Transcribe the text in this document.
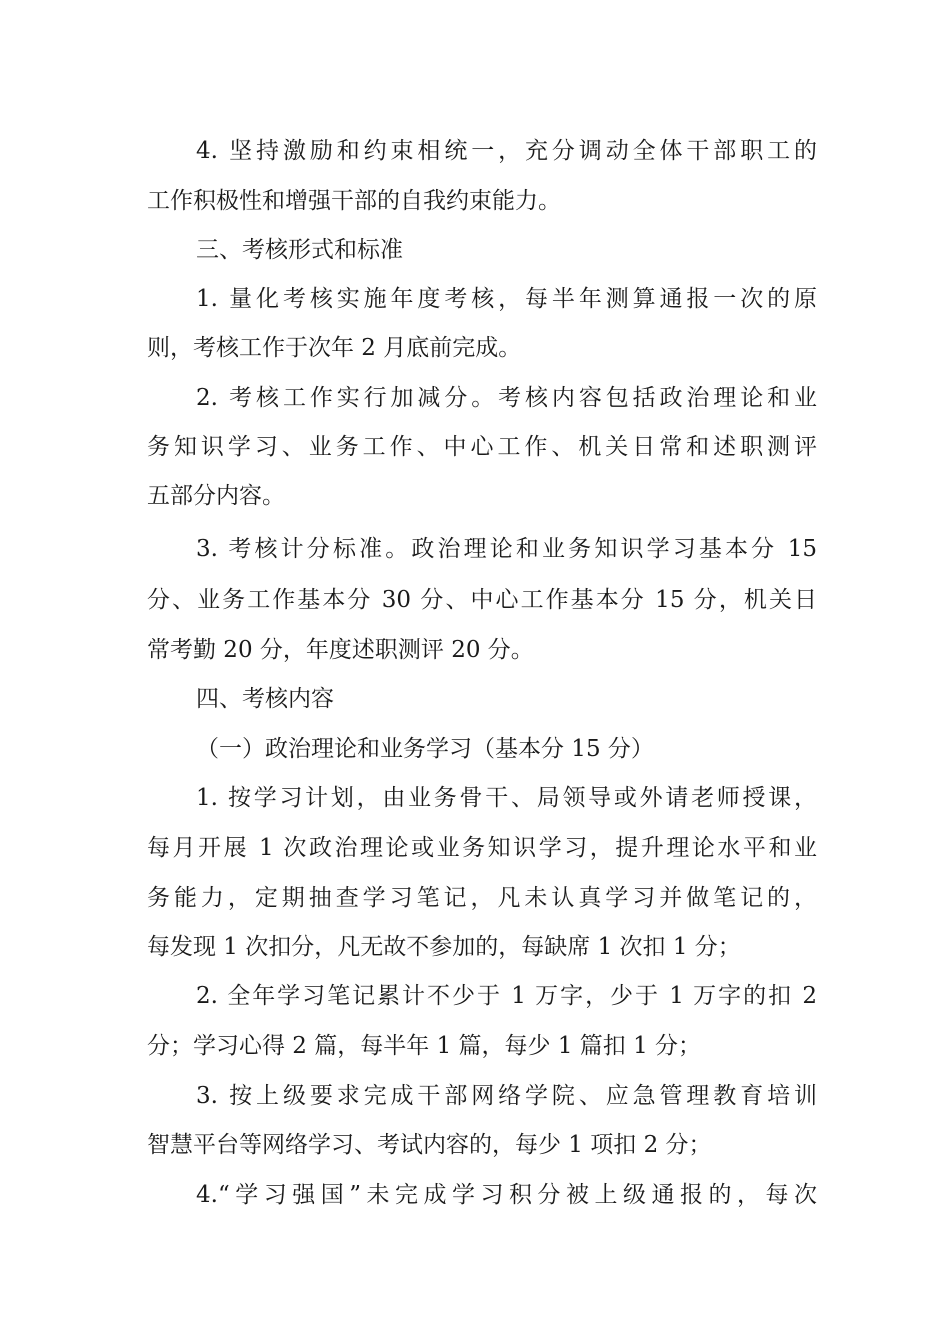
4. 坚持激励和约束相统一，充分调动全体干部职工的
工作积极性和增强干部的自我约束能力。
三、考核形式和标准
1. 量化考核实施年度考核，每半年测算通报一次的原
则，考核工作于次年 2 月底前完成。
2. 考核工作实行加减分。考核内容包括政治理论和业
务知识学习、业务工作、中心工作、机关日常和述职测评
五部分内容。
3. 考核计分标准。政治理论和业务知识学习基本分 15
分、业务工作基本分 30 分、中心工作基本分 15 分，机关日
常考勤 20 分，年度述职测评 20 分。
四、考核内容
（一）政治理论和业务学习（基本分 15 分）
1. 按学习计划，由业务骨干、局领导或外请老师授课，
每月开展 1 次政治理论或业务知识学习，提升理论水平和业
务能力，定期抽查学习笔记，凡未认真学习并做笔记的，
每发现 1 次扣分，凡无故不参加的，每缺席 1 次扣 1 分；
2. 全年学习笔记累计不少于 1 万字，少于 1 万字的扣 2
分；学习心得 2 篇，每半年 1 篇，每少 1 篇扣 1 分；
3. 按上级要求完成干部网络学院、应急管理教育培训
智慧平台等网络学习、考试内容的，每少 1 项扣 2 分；
4.“学习强国”未完成学习积分被上级通报的，每次
